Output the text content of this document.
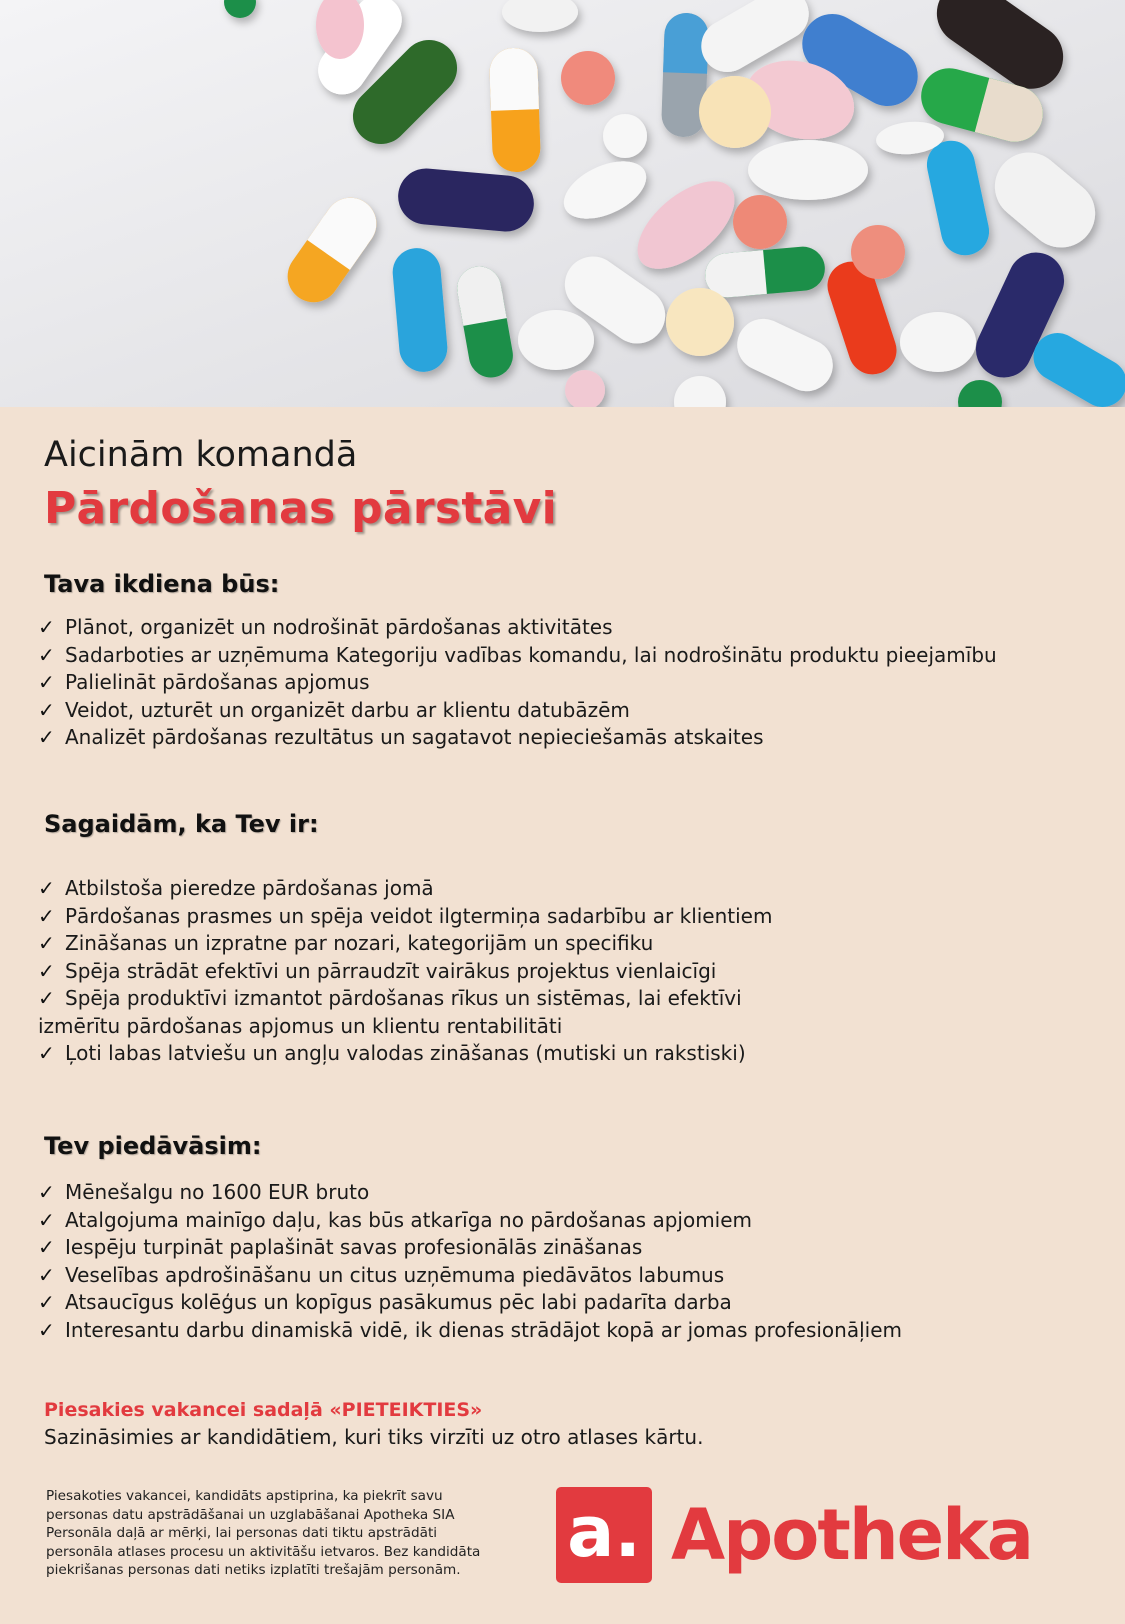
Aicinām komandā

Pārdošanas pārstāvi
Tava ikdiena būs:
✓ Plānot, organizēt un nodrošināt pārdošanas aktivitātes
✓ Sadarboties ar uzņēmuma Kategoriju vadības komandu, lai nodrošinātu produktu pieejamību
✓ Palielināt pārdošanas apjomus
✓ Veidot, uzturēt un organizēt darbu ar klientu datubāzēm
✓ Analizēt pārdošanas rezultātus un sagatavot nepieciešamās atskaites
Sagaidām, ka Tev ir:
✓ Atbilstoša pieredze pārdošanas jomā
✓ Pārdošanas prasmes un spēja veidot ilgtermiņa sadarbību ar klientiem
✓ Zināšanas un izpratne par nozari, kategorijām un specifiku
✓ Spēja strādāt efektīvi un pārraudzīt vairākus projektus vienlaicīgi
✓ Spēja produktīvi izmantot pārdošanas rīkus un sistēmas, lai efektīvi izmērītu pārdošanas apjomus un klientu rentabilitāti
✓ Ļoti labas latviešu un angļu valodas zināšanas (mutiski un rakstiski)
Tev piedāvāsim:
✓ Mēnešalgu no 1600 EUR bruto
✓ Atalgojuma mainīgo daļu, kas būs atkarīga no pārdošanas apjomiem
✓ Iespēju turpināt paplašināt savas profesionālās zināšanas
✓ Veselības apdrošināšanu un citus uzņēmuma piedāvātos labumus
✓ Atsaucīgus kolēģus un kopīgus pasākumus pēc labi padarīta darba
✓ Interesantu darbu dinamiskā vidē, ik dienas strādājot kopā ar jomas profesionāļiem

Piesakies vakancei sadaļā «PIETEIKTIES»

Sazināsimies ar kandidātiem, kuri tiks virzīti uz otro atlases kārtu.

Piesakoties vakancei, kandidāts apstiprina, ka piekrīt savu personas datu apstrādāšanai un uzglabāšanai Apotheka SIA Personāla daļā ar mērķi, lai personas dati tiktu apstrādāti personāla atlases procesu un aktivitāšu ietvaros. Bez kandidāta piekrišanas personas dati netiks izplatīti trešajām personām.	a. Apotheka
